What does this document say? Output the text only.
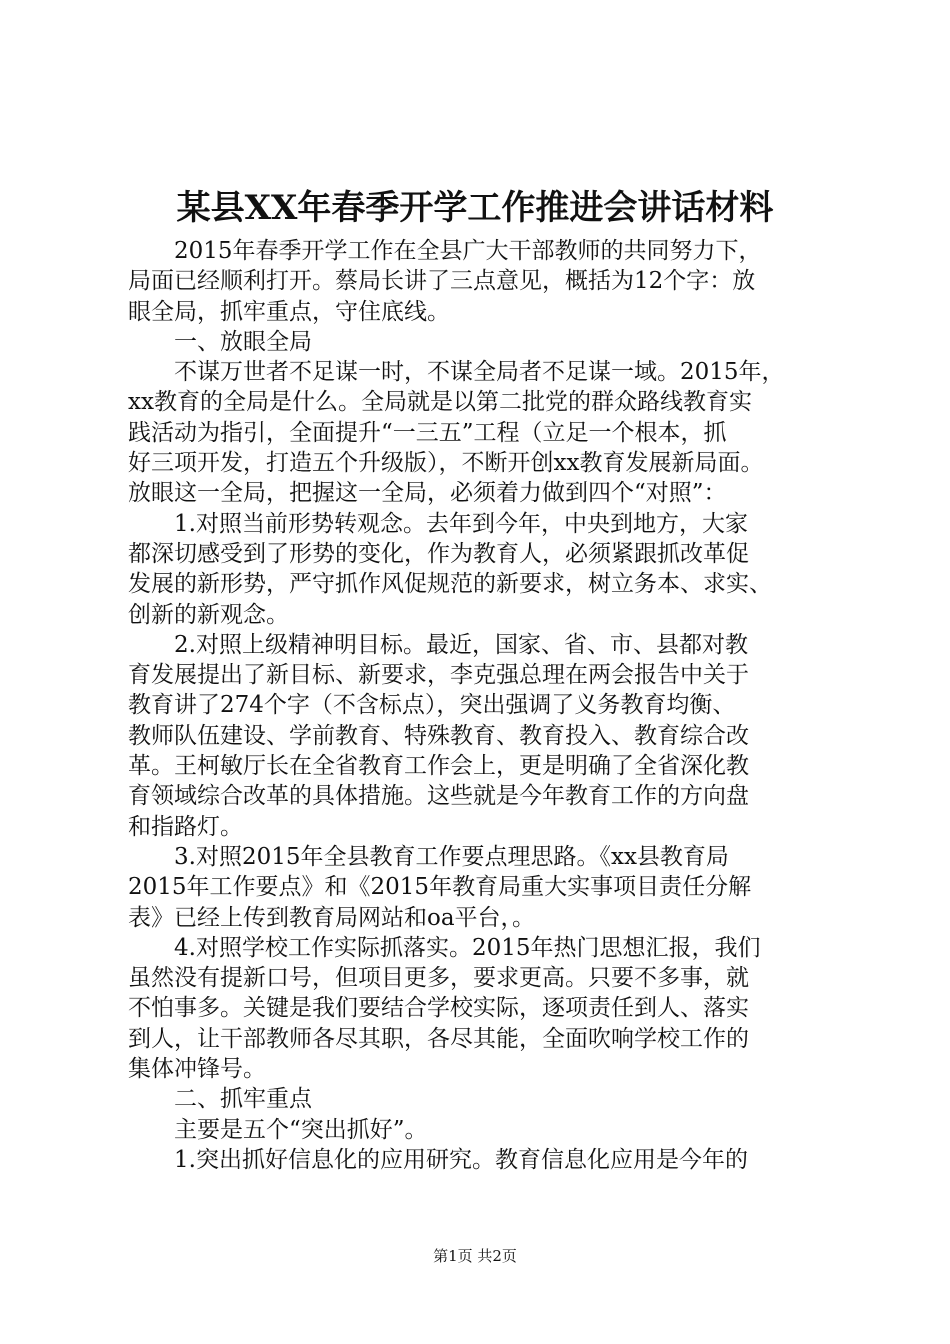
某县XX年春季开学工作推进会讲话材料
2015年春季开学工作在全县广大干部教师的共同努力下，
局面已经顺利打开。蔡局长讲了三点意见，概括为12个字：放
眼全局，抓牢重点，守住底线。
一、放眼全局
不谋万世者不足谋一时，不谋全局者不足谋一域。2015年，
xx教育的全局是什么。全局就是以第二批党的群众路线教育实
践活动为指引，全面提升“一三五”工程（立足一个根本，抓
好三项开发，打造五个升级版），不断开创xx教育发展新局面。
放眼这一全局，把握这一全局，必须着力做到四个“对照”：
1.对照当前形势转观念。去年到今年，中央到地方，大家
都深切感受到了形势的变化，作为教育人，必须紧跟抓改革促
发展的新形势，严守抓作风促规范的新要求，树立务本、求实、
创新的新观念。
2.对照上级精神明目标。最近，国家、省、市、县都对教
育发展提出了新目标、新要求，李克强总理在两会报告中关于
教育讲了274个字（不含标点），突出强调了义务教育均衡、
教师队伍建设、学前教育、特殊教育、教育投入、教育综合改
革。王柯敏厅长在全省教育工作会上，更是明确了全省深化教
育领域综合改革的具体措施。这些就是今年教育工作的方向盘
和指路灯。
3.对照2015年全县教育工作要点理思路。《xx县教育局
2015年工作要点》和《2015年教育局重大实事项目责任分解
表》已经上传到教育局网站和oa平台，。
4.对照学校工作实际抓落实。2015年热门思想汇报，我们
虽然没有提新口号，但项目更多，要求更高。只要不多事，就
不怕事多。关键是我们要结合学校实际，逐项责任到人、落实
到人，让干部教师各尽其职，各尽其能，全面吹响学校工作的
集体冲锋号。
二、抓牢重点
主要是五个“突出抓好”。
1.突出抓好信息化的应用研究。教育信息化应用是今年的
第1页 共2页
